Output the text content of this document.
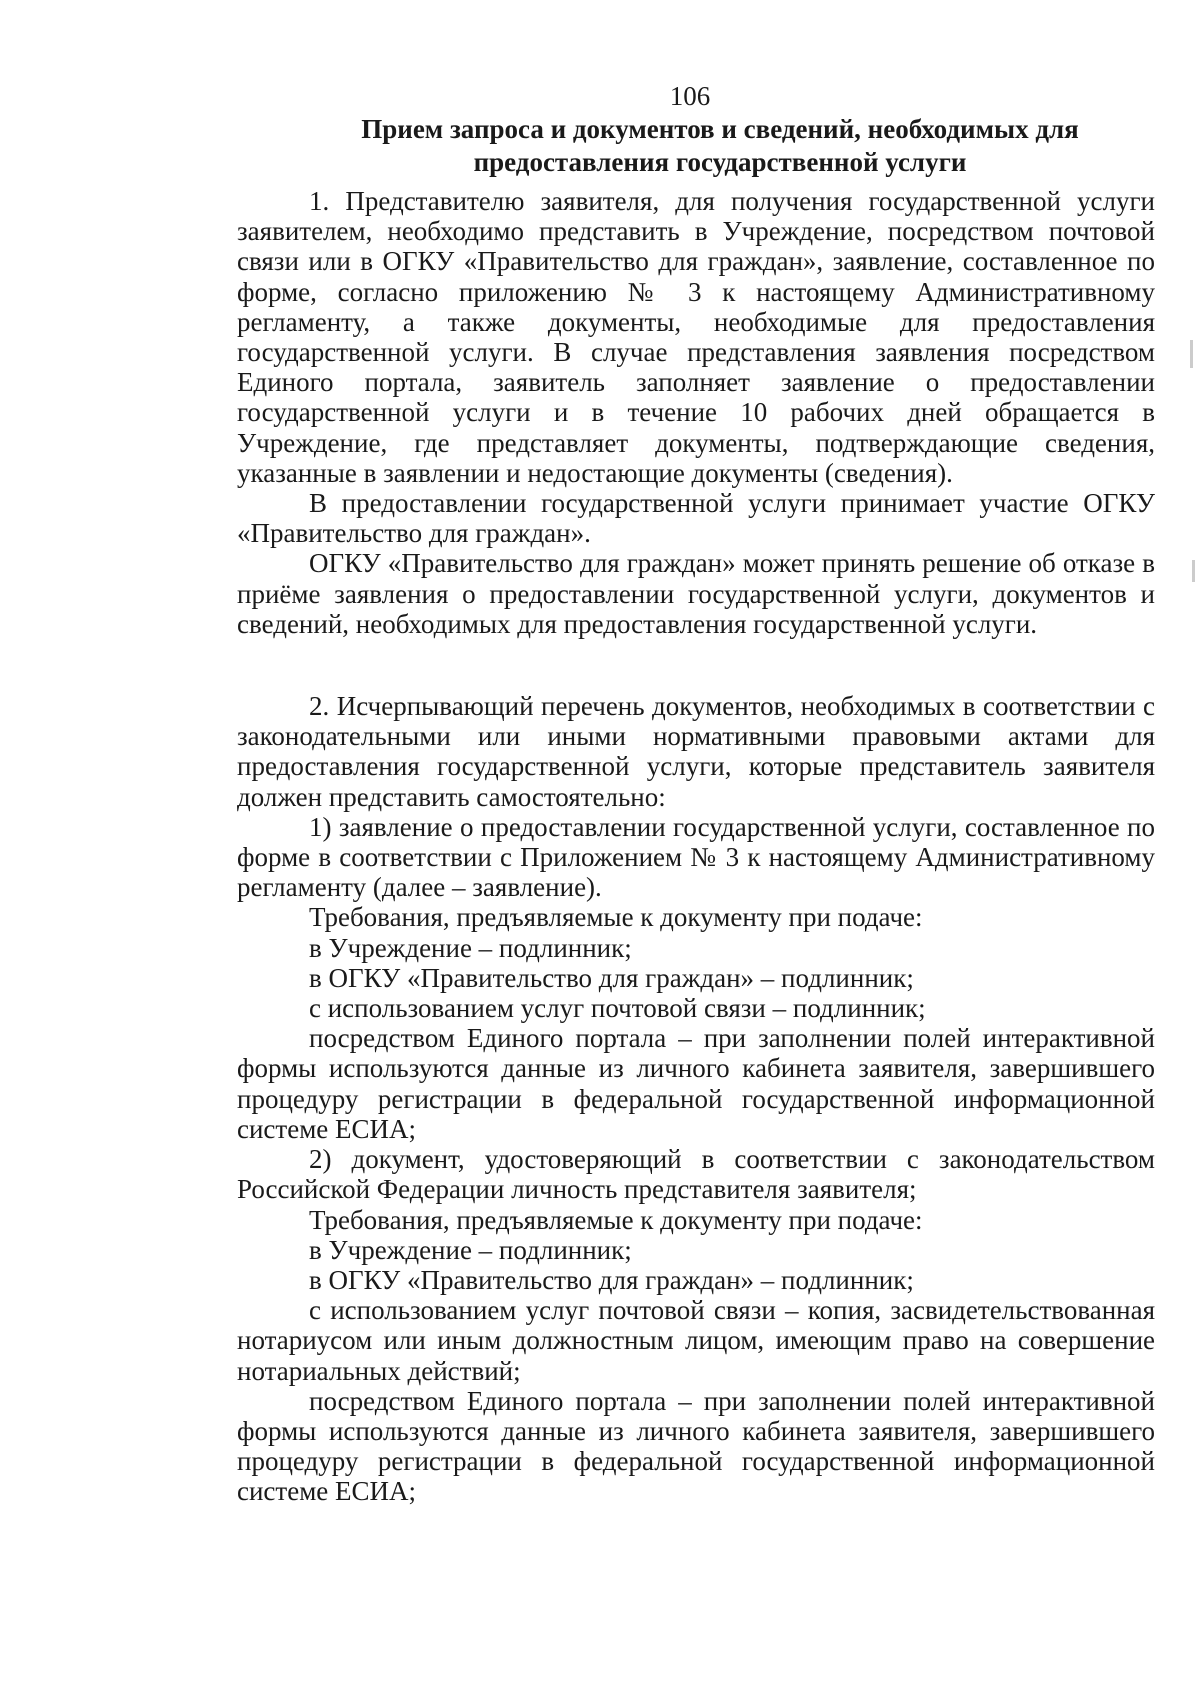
106
Прием запроса и документов и сведений, необходимых для
предоставления государственной услуги

1. Представителю заявителя, для получения государственной услуги заявителем, необходимо представить в Учреждение, посредством почтовой связи или в ОГКУ «Правительство для граждан», заявление, составленное по форме, согласно приложению № 3 к настоящему Административному регламенту, а также документы, необходимые для предоставления государственной услуги. В случае представления заявления посредством Единого портала, заявитель заполняет заявление о предоставлении государственной услуги и в течение 10 рабочих дней обращается в Учреждение, где представляет документы, подтверждающие сведения, указанные в заявлении и недостающие документы (сведения).

В предоставлении государственной услуги принимает участие ОГКУ «Правительство для граждан».

ОГКУ «Правительство для граждан» может принять решение об отказе в приёме заявления о предоставлении государственной услуги, документов и сведений, необходимых для предоставления государственной услуги.

2. Исчерпывающий перечень документов, необходимых в соответствии с законодательными или иными нормативными правовыми актами для предоставления государственной услуги, которые представитель заявителя должен представить самостоятельно:

1) заявление о предоставлении государственной услуги, составленное по форме в соответствии с Приложением № 3 к настоящему Административному регламенту (далее – заявление).

Требования, предъявляемые к документу при подаче:

в Учреждение – подлинник;

в ОГКУ «Правительство для граждан» – подлинник;

с использованием услуг почтовой связи – подлинник;

посредством Единого портала – при заполнении полей интерактивной формы используются данные из личного кабинета заявителя, завершившего процедуру регистрации в федеральной государственной информационной системе ЕСИА;

2) документ, удостоверяющий в соответствии с законодательством Российской Федерации личность представителя заявителя;

Требования, предъявляемые к документу при подаче:

в Учреждение – подлинник;

в ОГКУ «Правительство для граждан» – подлинник;

с использованием услуг почтовой связи – копия, засвидетельствованная нотариусом или иным должностным лицом, имеющим право на совершение нотариальных действий;

посредством Единого портала – при заполнении полей интерактивной формы используются данные из личного кабинета заявителя, завершившего процедуру регистрации в федеральной государственной информационной системе ЕСИА;
